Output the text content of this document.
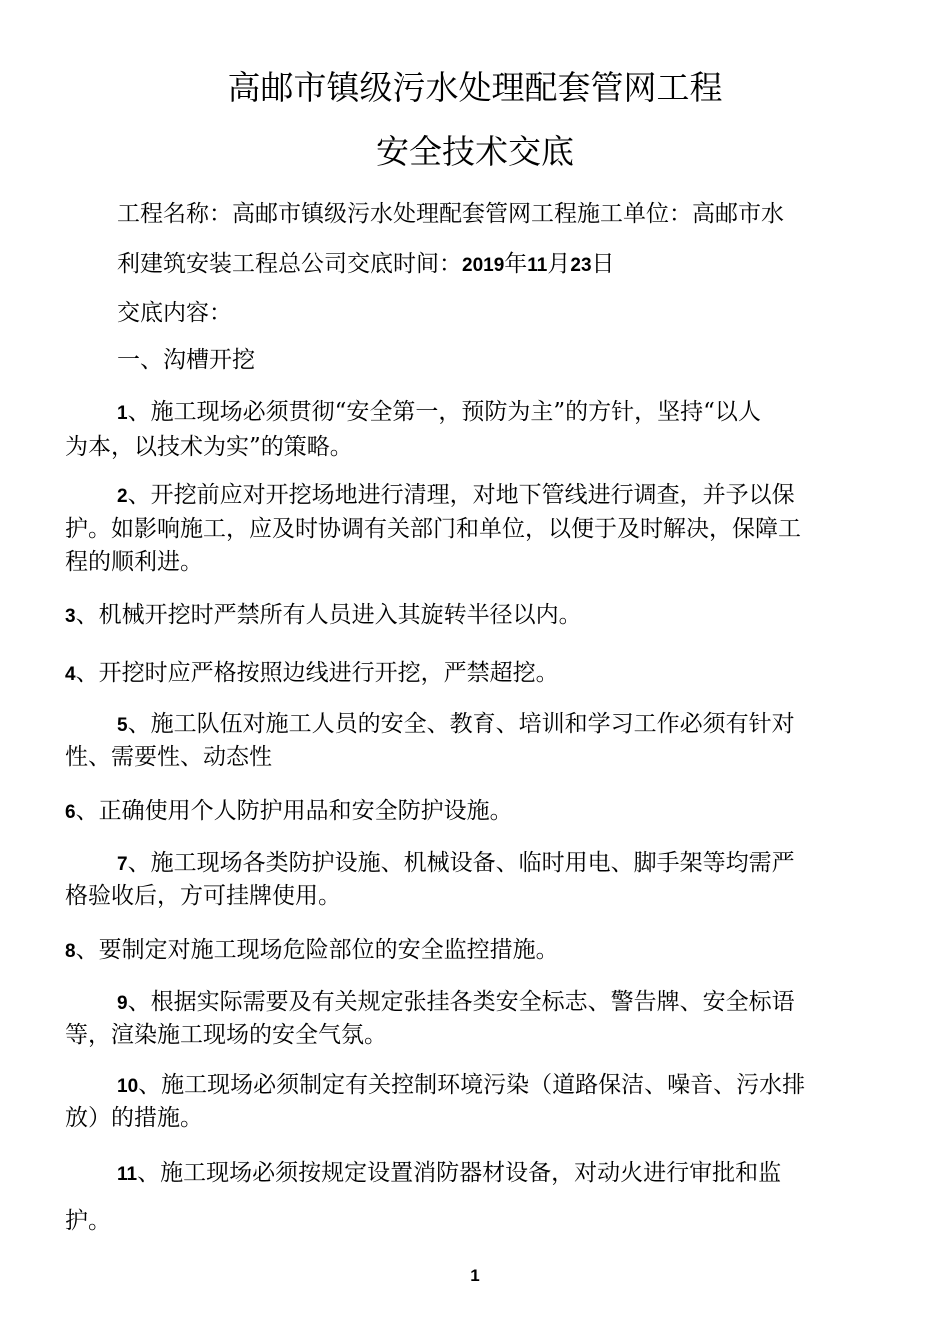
高邮市镇级污水处理配套管网工程
安全技术交底
工程名称：高邮市镇级污水处理配套管网工程施工单位：高邮市水
利建筑安装工程总公司交底时间：2019年11月23日
交底内容：
一、沟槽开挖
1、施工现场必须贯彻“安全第一，预防为主”的方针，坚持“以人
为本，以技术为实”的策略。
2、开挖前应对开挖场地进行清理，对地下管线进行调查，并予以保
护。如影响施工，应及时协调有关部门和单位，以便于及时解决，保障工
程的顺利进。
3、机械开挖时严禁所有人员进入其旋转半径以内。
4、开挖时应严格按照边线进行开挖，严禁超挖。
5、施工队伍对施工人员的安全、教育、培训和学习工作必须有针对
性、需要性、动态性
6、正确使用个人防护用品和安全防护设施。
7、施工现场各类防护设施、机械设备、临时用电、脚手架等均需严
格验收后，方可挂牌使用。
8、要制定对施工现场危险部位的安全监控措施。
9、根据实际需要及有关规定张挂各类安全标志、警告牌、安全标语
等，渲染施工现场的安全气氛。
10、施工现场必须制定有关控制环境污染（道路保洁、噪音、污水排
放）的措施。
11、施工现场必须按规定设置消防器材设备，对动火进行审批和监
护。
1
